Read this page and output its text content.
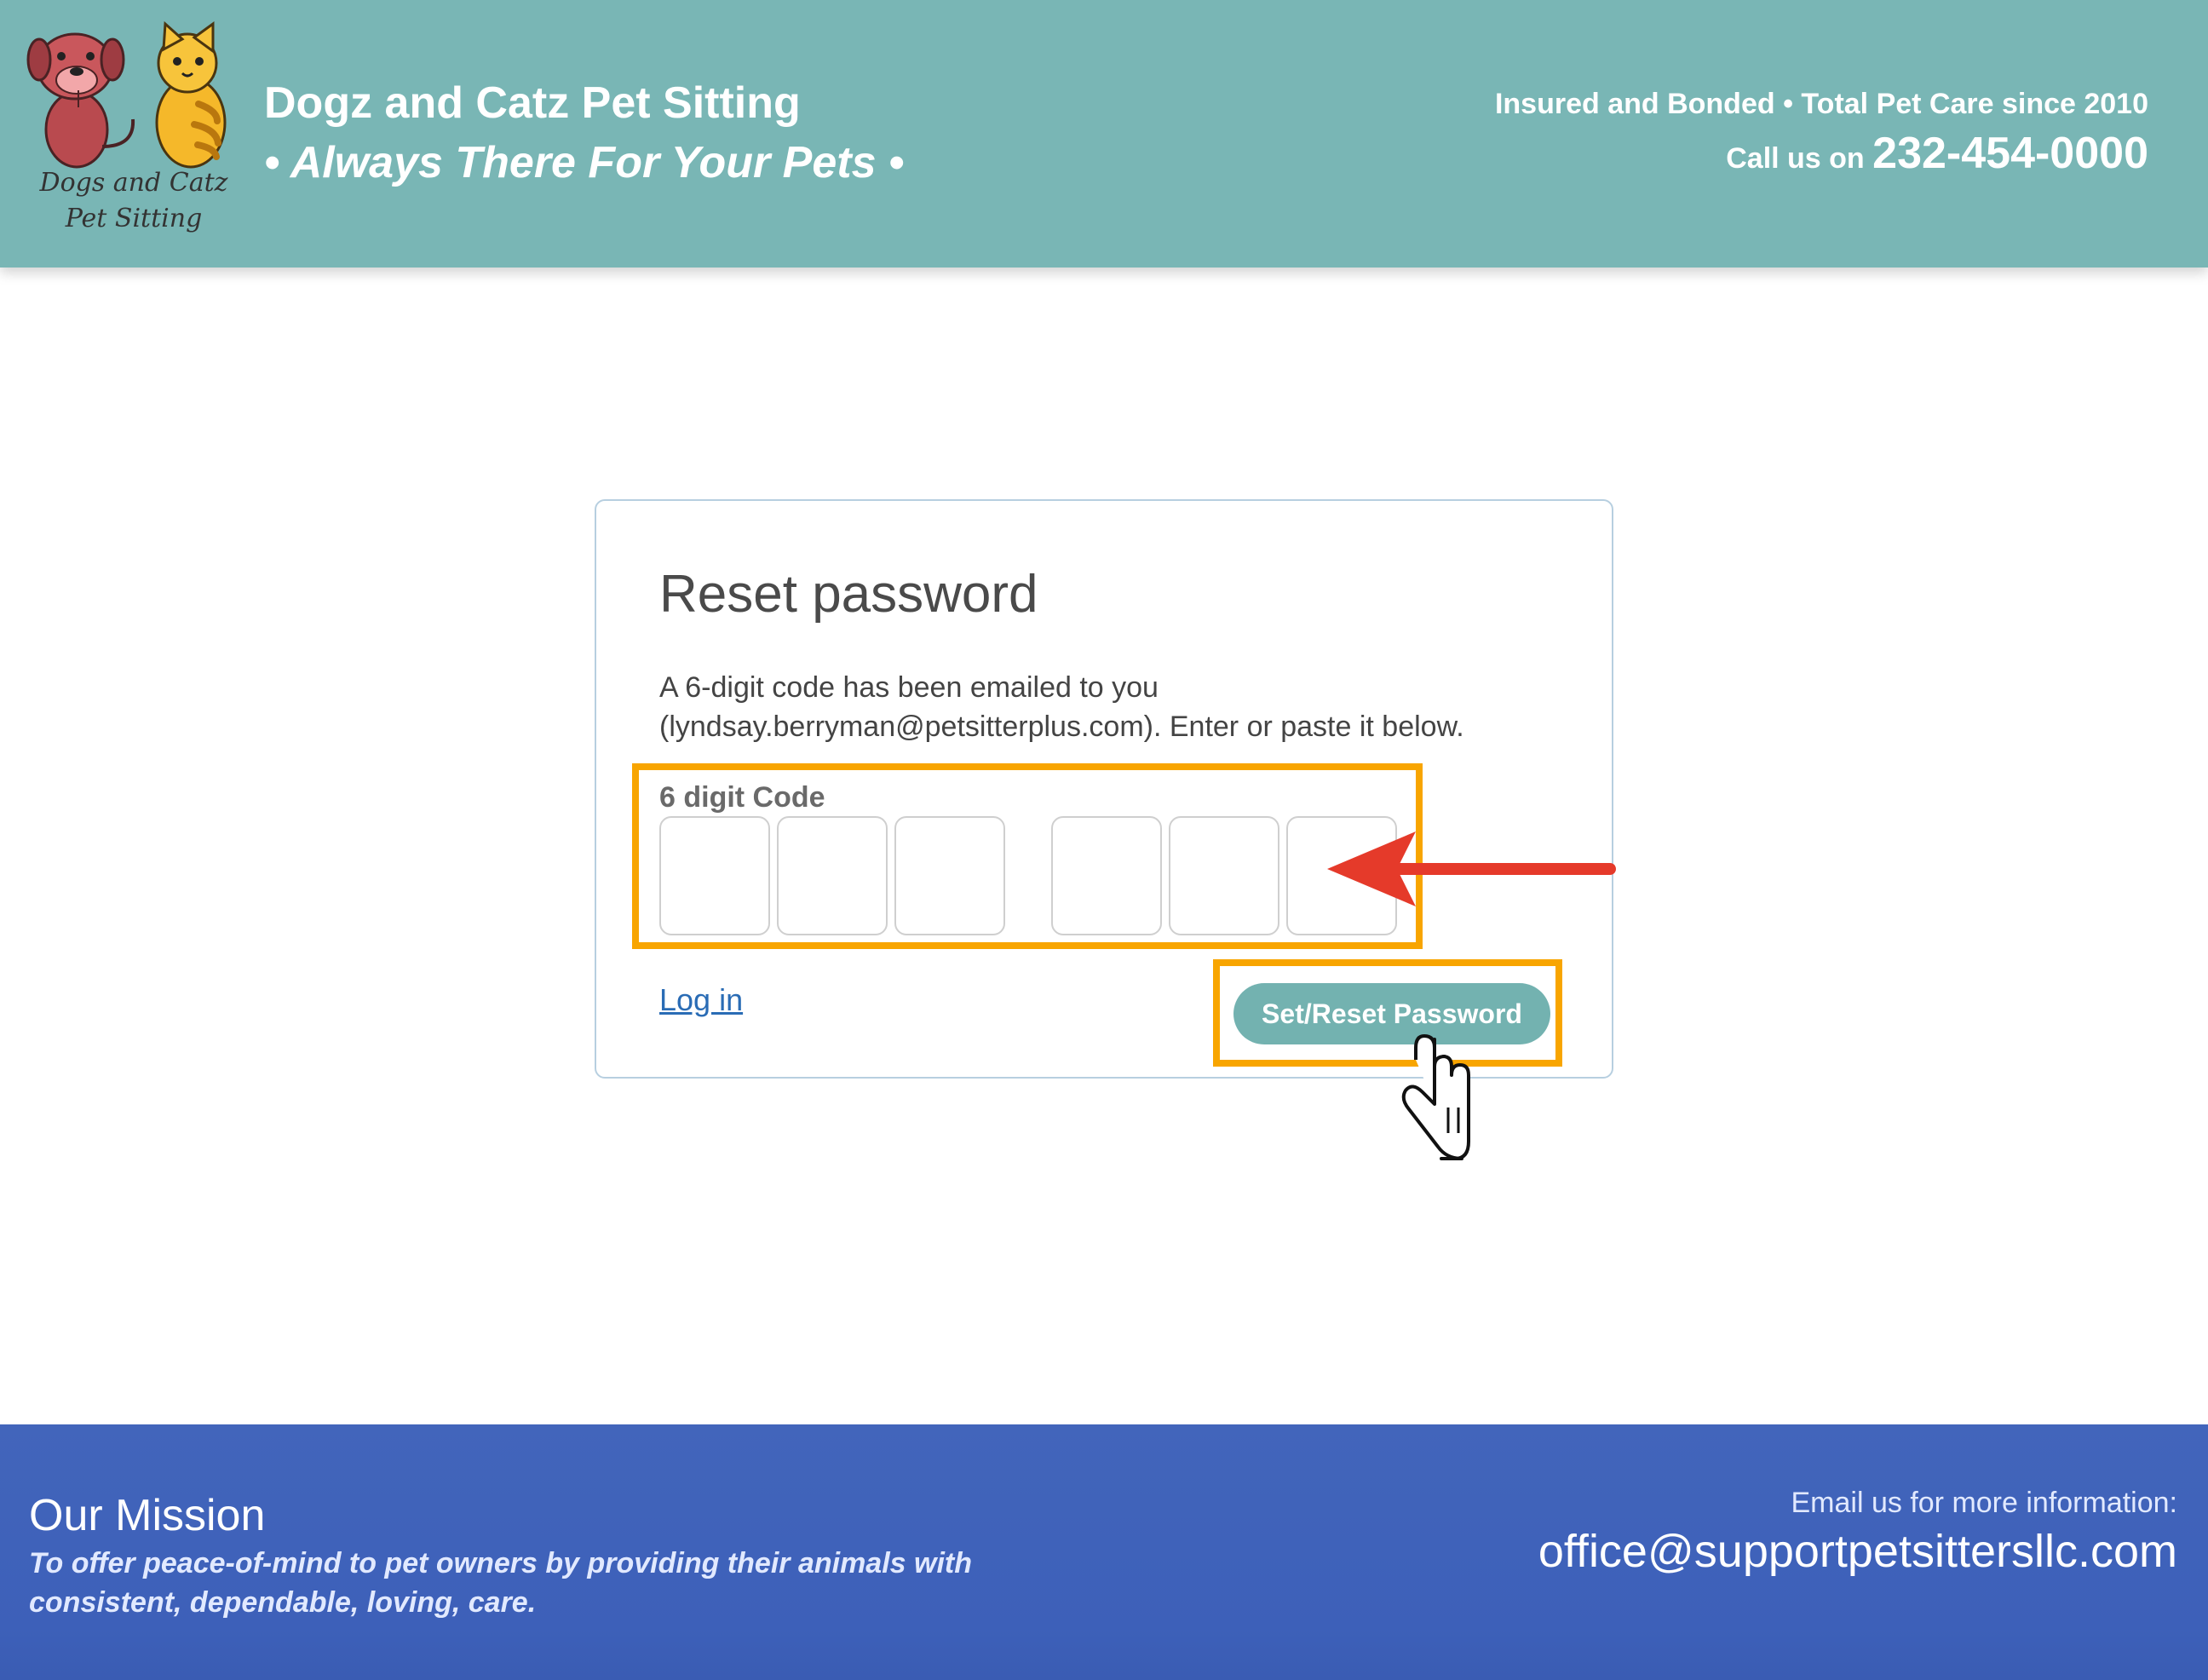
Dogs and Catz
Pet Sitting
Dogz and Catz Pet Sitting
• Always There For Your Pets •
Insured and Bonded • Total Pet Care since 2010
Call us on 232-454-0000
Reset password
A 6-digit code has been emailed to you (lyndsay.berryman@petsitterplus.com). Enter or paste it below.
6 digit Code
Log in	Set/Reset Password
Our Mission
To offer peace-of-mind to pet owners by providing their animals with consistent, dependable, loving, care.
Email us for more information:
office@supportpetsittersllc.com
